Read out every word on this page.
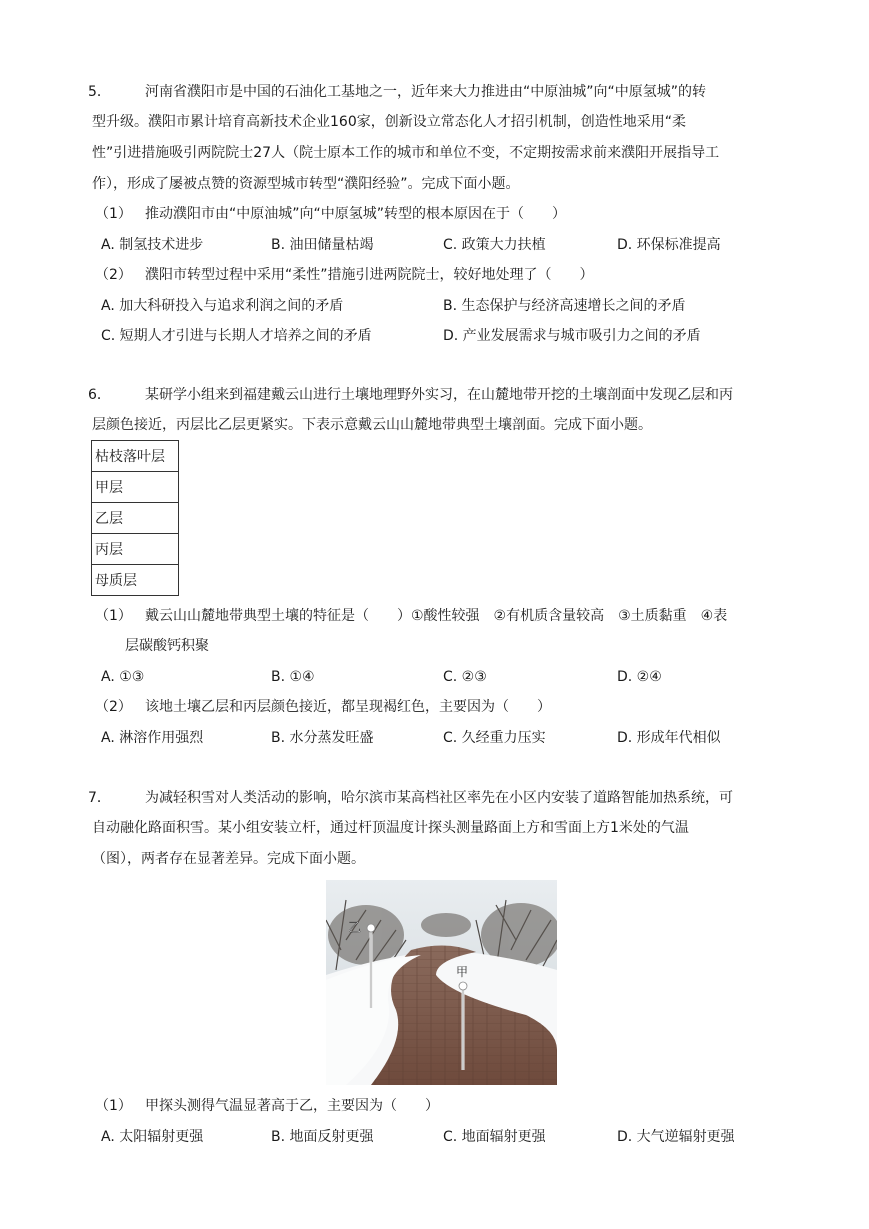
5． 河南省濮阳市是中国的石油化工基地之一，近年来大力推进由“中原油城”向“中原氢城”的转
型升级。濮阳市累计培育高新技术企业160家，创新设立常态化人才招引机制，创造性地采用“柔
性”引进措施吸引两院院士27人（院士原本工作的城市和单位不变，不定期按需求前来濮阳开展指导工
作），形成了屡被点赞的资源型城市转型“濮阳经验”。完成下面小题。
（1） 推动濮阳市由“中原油城”向“中原氢城”转型的根本原因在于（　　）
A. 制氢技术进步	B. 油田储量枯竭	C. 政策大力扶植	D. 环保标准提高
（2） 濮阳市转型过程中采用“柔性”措施引进两院院士，较好地处理了（　　）
A. 加大科研投入与追求利润之间的矛盾	B. 生态保护与经济高速增长之间的矛盾
C. 短期人才引进与长期人才培养之间的矛盾	D. 产业发展需求与城市吸引力之间的矛盾
6． 某研学小组来到福建戴云山进行土壤地理野外实习，在山麓地带开挖的土壤剖面中发现乙层和丙
层颜色接近，丙层比乙层更紧实。下表示意戴云山山麓地带典型土壤剖面。完成下面小题。
枯枝落叶层
甲层
乙层
丙层
母质层
（1） 戴云山山麓地带典型土壤的特征是（　　）①酸性较强　②有机质含量较高　③土质黏重　④表
层碳酸钙积聚
A. ①③	B. ①④	C. ②③	D. ②④
（2） 该地土壤乙层和丙层颜色接近，都呈现褐红色，主要因为（　　）
A. 淋溶作用强烈	B. 水分蒸发旺盛	C. 久经重力压实	D. 形成年代相似
7． 为减轻积雪对人类活动的影响，哈尔滨市某高档社区率先在小区内安装了道路智能加热系统，可
自动融化路面积雪。某小组安装立杆，通过杆顶温度计探头测量路面上方和雪面上方1米处的气温
（图），两者存在显著差异。完成下面小题。
乙
甲
（1） 甲探头测得气温显著高于乙，主要因为（　　）
A. 太阳辐射更强	B. 地面反射更强	C. 地面辐射更强	D. 大气逆辐射更强
